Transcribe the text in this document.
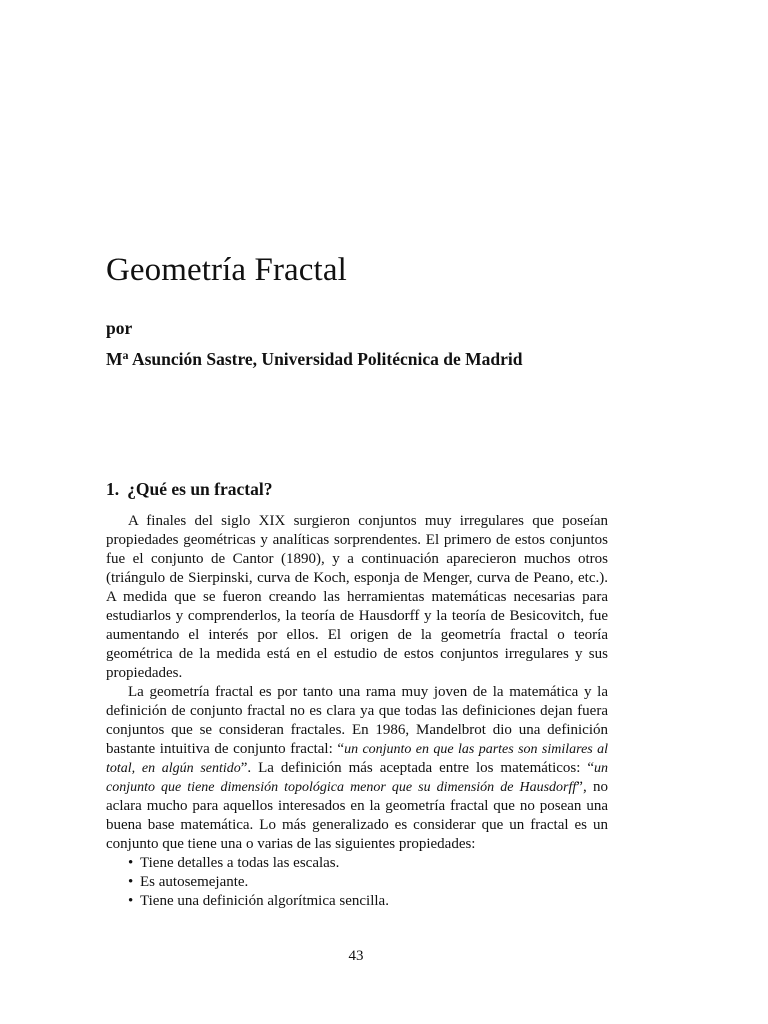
Geometría Fractal
por
$M^a$ Asunción Sastre, Universidad Politécnica de Madrid
1. ¿Qué es un fractal?

A finales del siglo XIX surgieron conjuntos muy irregulares que poseían propiedades geométricas y analíticas sorprendentes. El primero de estos conjuntos fue el conjunto de Cantor (1890), y a continuación aparecieron muchos otros (triángulo de Sierpinski, curva de Koch, esponja de Menger, curva de Peano, etc.). A medida que se fueron creando las herramientas matemáticas necesarias para estudiarlos y comprenderlos, la teoría de Hausdorff y la teoría de Besicovitch, fue aumentando el interés por ellos. El origen de la geometría fractal o teoría geométrica de la medida está en el estudio de estos conjuntos irregulares y sus propiedades.

La geometría fractal es por tanto una rama muy joven de la matemática y la definición de conjunto fractal no es clara ya que todas las definiciones dejan fuera conjuntos que se consideran fractales. En 1986, Mandelbrot dio una definición bastante intuitiva de conjunto fractal: “un conjunto en que las partes son similares al total, en algún sentido”. La definición más aceptada entre los matemáticos: “un conjunto que tiene dimensión topológica menor que su dimensión de Hausdorff”, no aclara mucho para aquellos interesados en la geometría fractal que no posean una buena base matemática. Lo más generalizado es considerar que un fractal es un conjunto que tiene una o varias de las siguientes propiedades:

• Tiene detalles a todas las escalas.
• Es autosemejante.
• Tiene una definición algorítmica sencilla.
43
